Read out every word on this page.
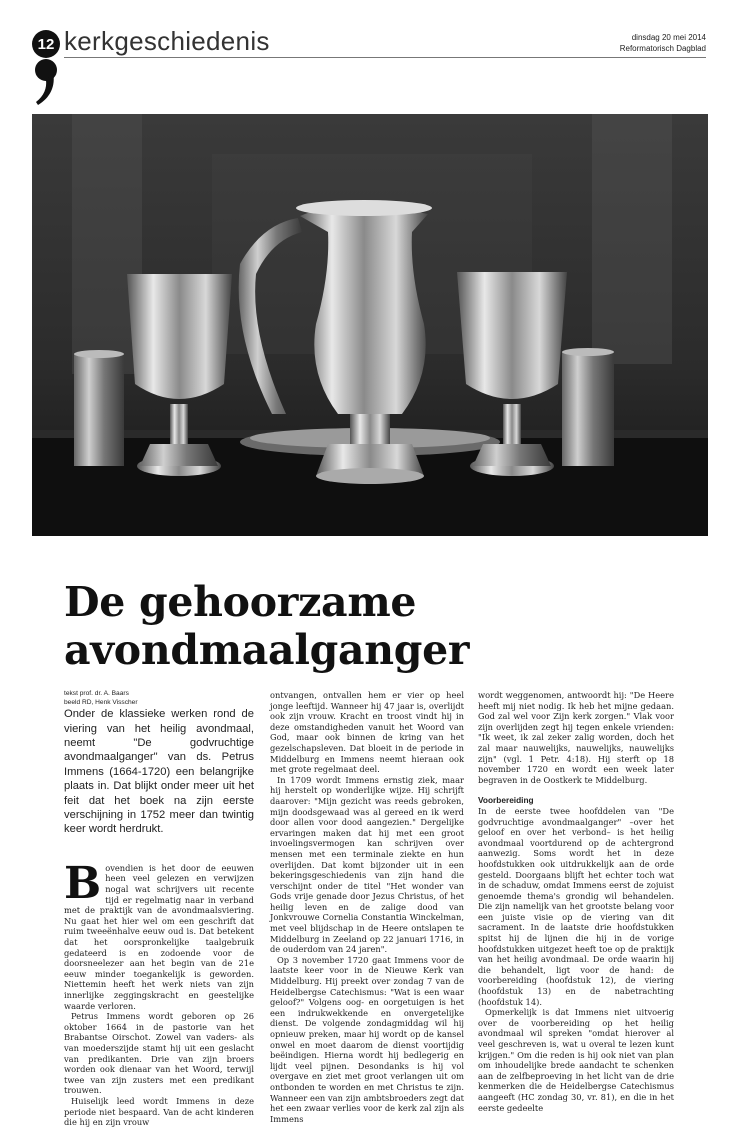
12 kerkgeschiedenis	dinsdag 20 mei 2014
Reformatorisch Dagblad
De gehoorzame
avondmaalganger
tekst prof. dr. A. Baars
beeld RD, Henk Visscher

Onder de klassieke werken rond de viering van het heilig avondmaal, neemt "De godvruchtige avondmaalganger" van ds. Petrus Immens (1664-1720) een belangrijke plaats in. Dat blijkt onder meer uit het feit dat het boek na zijn eerste verschijning in 1752 meer dan twintig keer wordt herdrukt.

B ovendien is het door de eeuwen heen veel gelezen en verwijzen nogal wat schrijvers uit recente tijd er regelmatig naar in verband met de praktijk van de avondmaalsviering. Nu gaat het hier wel om een geschrift dat ruim tweeënhalve eeuw oud is. Dat betekent dat het oorspronkelijke taalgebruik gedateerd is en zodoende voor de doorsneelezer aan het begin van de 21e eeuw minder toegankelijk is geworden. Niettemin heeft het werk niets van zijn innerlijke zeggingskracht en geestelijke waarde verloren.

Petrus Immens wordt geboren op 26 oktober 1664 in de pastorie van het Brabantse Oirschot. Zowel van vaders- als van moederszijde stamt hij uit een geslacht van predikanten. Drie van zijn broers worden ook dienaar van het Woord, terwijl twee van zijn zusters met een predikant trouwen.

Huiselijk leed wordt Immens in deze periode niet bespaard. Van de acht kinderen die hij en zijn vrouw

ontvangen, ontvallen hem er vier op heel jonge leeftijd. Wanneer hij 47 jaar is, overlijdt ook zijn vrouw. Kracht en troost vindt hij in deze omstandigheden vanuit het Woord van God, maar ook binnen de kring van het gezelschapsleven. Dat bloeit in de periode in Middelburg en Immens neemt hieraan ook met grote regelmaat deel.

In 1709 wordt Immens ernstig ziek, maar hij herstelt op wonderlijke wijze. Hij schrijft daarover: "Mijn gezicht was reeds gebroken, mijn doodsgewaad was al gereed en ik werd door allen voor dood aangezien." Dergelijke ervaringen maken dat hij met een groot invoelingsvermogen kan schrijven over mensen met een terminale ziekte en hun overlijden. Dat komt bijzonder uit in een bekeringsgeschiedenis van zijn hand die verschijnt onder de titel "Het wonder van Gods vrije genade door Jezus Christus, of het heilig leven en de zalige dood van Jonkvrouwe Cornelia Constantia Winckelman, met veel blijdschap in de Heere ontslapen te Middelburg in Zeeland op 22 januari 1716, in de ouderdom van 24 jaren".

Op 3 november 1720 gaat Immens voor de laatste keer voor in de Nieuwe Kerk van Middelburg. Hij preekt over zondag 7 van de Heidelbergse Catechismus: "Wat is een waar geloof?" Volgens oog- en oorgetuigen is het een indrukwekkende en onvergetelijke dienst. De volgende zondagmiddag wil hij opnieuw preken, maar hij wordt op de kansel onwel en moet daarom de dienst voortijdig beëindigen. Hierna wordt hij bedlegerig en lijdt veel pijnen. Desondanks is hij vol overgave en ziet met groot verlangen uit om ontbonden te worden en met Christus te zijn. Wanneer een van zijn ambtsbroeders zegt dat het een zwaar verlies voor de kerk zal zijn als Immens

wordt weggenomen, antwoordt hij: "De Heere heeft mij niet nodig. Ik heb het mijne gedaan. God zal wel voor Zijn kerk zorgen." Vlak voor zijn overlijden zegt hij tegen enkele vrienden: "Ik weet, ik zal zeker zalig worden, doch het zal maar nauwelijks, nauwelijks, nauwelijks zijn" (vgl. 1 Petr. 4:18). Hij sterft op 18 november 1720 en wordt een week later begraven in de Oostkerk te Middelburg.

Voorbereiding

In de eerste twee hoofddelen van "De godvruchtige avondmaalganger" –over het geloof en over het verbond– is het heilig avondmaal voortdurend op de achtergrond aanwezig. Soms wordt het in deze hoofdstukken ook uitdrukkelijk aan de orde gesteld. Doorgaans blijft het echter toch wat in de schaduw, omdat Immens eerst de zojuist genoemde thema's grondig wil behandelen. Die zijn namelijk van het grootste belang voor een juiste visie op de viering van dit sacrament. In de laatste drie hoofdstukken spitst hij de lijnen die hij in de vorige hoofdstukken uitgezet heeft toe op de praktijk van het heilig avondmaal. De orde waarin hij die behandelt, ligt voor de hand: de voorbereiding (hoofdstuk 12), de viering (hoofdstuk 13) en de nabetrachting (hoofdstuk 14).

Opmerkelijk is dat Immens niet uitvoerig over de voorbereiding op het heilig avondmaal wil spreken "omdat hierover al veel geschreven is, wat u overal te lezen kunt krijgen." Om die reden is hij ook niet van plan om inhoudelijke brede aandacht te schenken aan de zelfbeproeving in het licht van de drie kenmerken die de Heidelbergse Catechismus aangeeft (HC zondag 30, vr. 81), en die in het eerste gedeelte
